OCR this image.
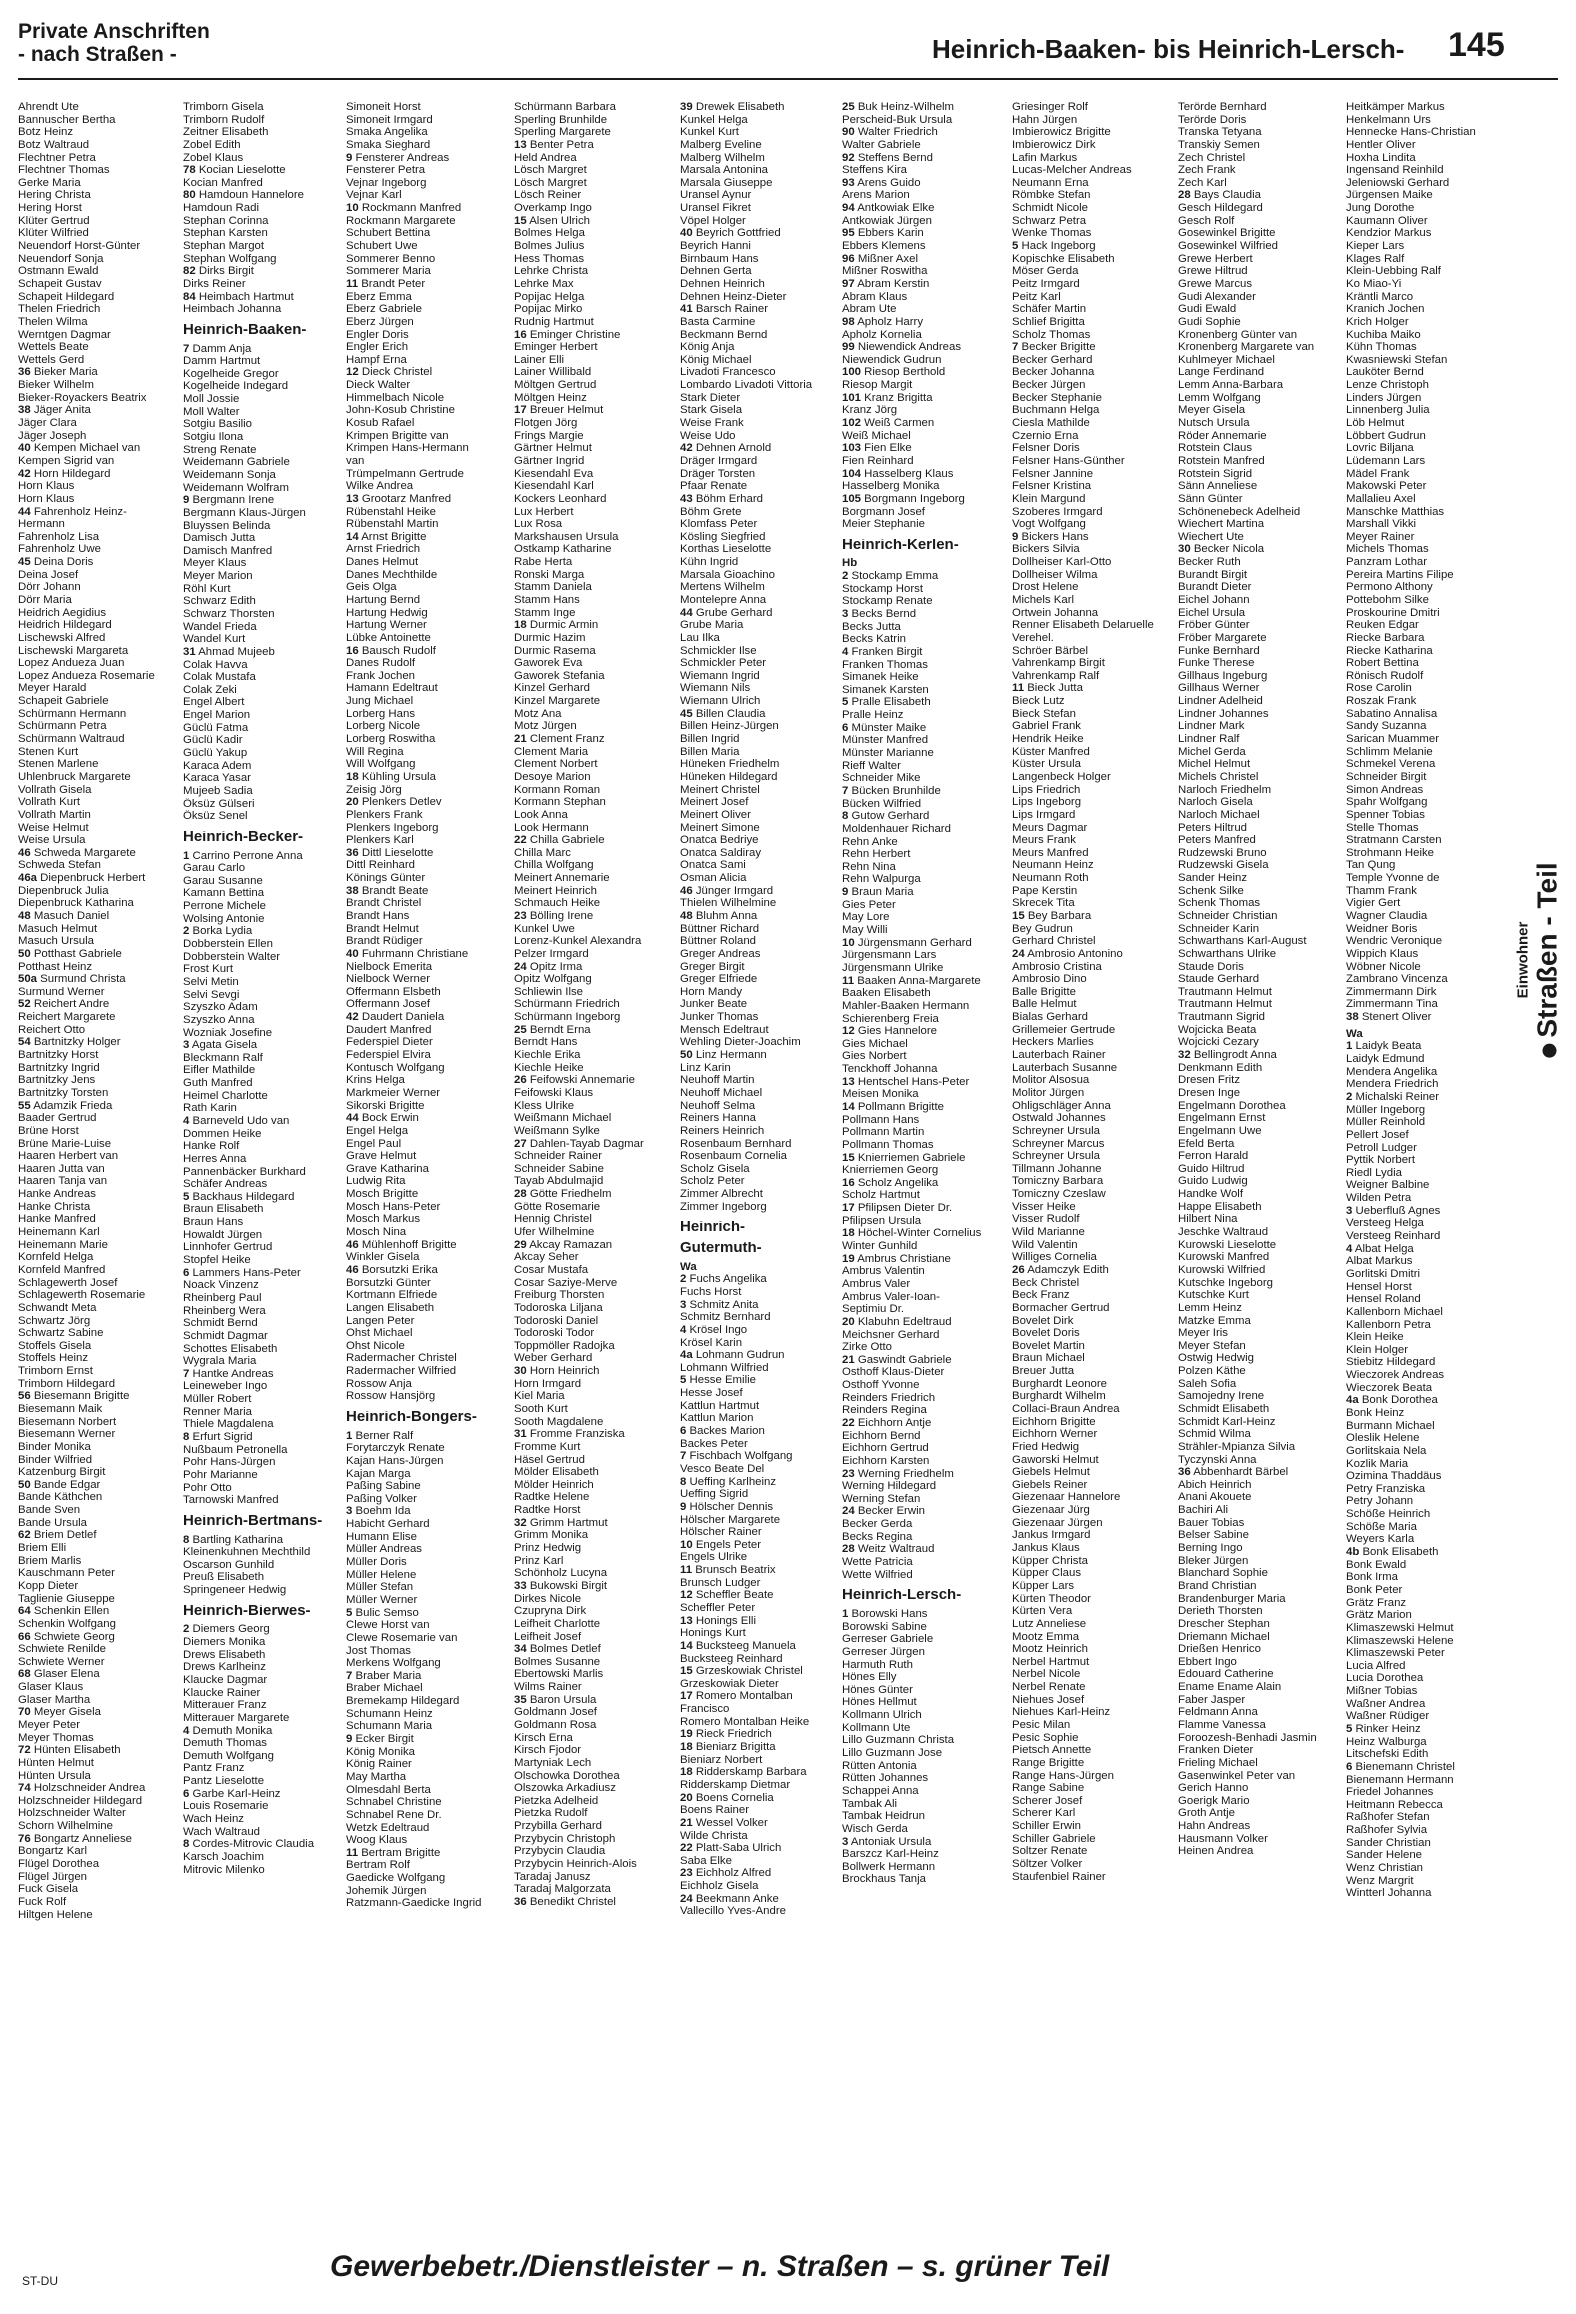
Private Anschriften
- nach Straßen -	Heinrich-Baaken- bis Heinrich-Lersch- 145
Ahrendt Ute
Bannuscher Bertha
Botz Heinz
Botz Waltraud
Flechtner Petra
Flechtner Thomas
Gerke Maria
Hering Christa
Hering Horst
Klüter Gertrud
Klüter Wilfried
Neuendorf Horst-Günter
Neuendorf Sonja
Ostmann Ewald
Schapeit Gustav
Schapeit Hildegard
Thelen Friedrich
Thelen Wilma
Werntgen Dagmar
Wettels Beate
Wettels Gerd
36 Bieker Maria
Bieker Wilhelm
Bieker-Royackers Beatrix
38 Jäger Anita
Jäger Clara
Jäger Joseph
40 Kempen Michael van
Kempen Sigrid van
42 Horn Hildegard
Horn Klaus
Horn Klaus
44 Fahrenholz Heinz-
Hermann
Fahrenholz Lisa
Fahrenholz Uwe
45 Deina Doris
Deina Josef
Dörr Johann
Dörr Maria
Heidrich Aegidius
Heidrich Hildegard
Lischewski Alfred
Lischewski Margareta
Lopez Andueza Juan
Lopez Andueza Rosemarie
Meyer Harald
Schapeit Gabriele
Schürmann Hermann
Schürmann Petra
Schürmann Waltraud
Stenen Kurt
Stenen Marlene
Uhlenbruck Margarete
Vollrath Gisela
Vollrath Kurt
Vollrath Martin
Weise Helmut
Weise Ursula
46 Schweda Margarete
Schweda Stefan
46a Diepenbruck Herbert
Diepenbruck Julia
Diepenbruck Katharina
48 Masuch Daniel
Masuch Helmut
Masuch Ursula
50 Potthast Gabriele
Potthast Heinz
50a Surmund Christa
Surmund Werner
52 Reichert Andre
Reichert Margarete
Reichert Otto
54 Bartnitzky Holger
Bartnitzky Horst
Bartnitzky Ingrid
Bartnitzky Jens
Bartnitzky Torsten
55 Adamzik Frieda
Baader Gertrud
Brüne Horst
Brüne Marie-Luise
Haaren Herbert van
Haaren Jutta van
Haaren Tanja van
Hanke Andreas
Hanke Christa
Hanke Manfred
Heinemann Karl
Heinemann Marie
Kornfeld Helga
Kornfeld Manfred
Schlagewerth Josef
Schlagewerth Rosemarie
Schwandt Meta
Schwartz Jörg
Schwartz Sabine
Stoffels Gisela
Stoffels Heinz
Trimborn Ernst
Trimborn Hildegard
56 Biesemann Brigitte
Biesemann Maik
Biesemann Norbert
Biesemann Werner
Binder Monika
Binder Wilfried
Katzenburg Birgit
50 Bande Edgar
Bande Käthchen
Bande Sven
Bande Ursula
62 Briem Detlef
Briem Elli
Briem Marlis
Kauschmann Peter
Kopp Dieter
Taglienie Giuseppe
64 Schenkin Ellen
Schenkin Wolfgang
66 Schwiete Georg
Schwiete Renilde
Schwiete Werner
68 Glaser Elena
Glaser Klaus
Glaser Martha
70 Meyer Gisela
Meyer Peter
Meyer Thomas
72 Hünten Elisabeth
Hünten Helmut
Hünten Ursula
74 Holzschneider Andrea
Holzschneider Hildegard
Holzschneider Walter
Schorn Wilhelmine
76 Bongartz Anneliese
Bongartz Karl
Flügel Dorothea
Flügel Jürgen
Fuck Gisela
Fuck Rolf
Hiltgen Helene
Trimborn Gisela
Trimborn Rudolf
Zeitner Elisabeth
Zobel Edith
Zobel Klaus
78 Kocian Lieselotte
Kocian Manfred
80 Hamdoun Hannelore
Hamdoun Radi
Stephan Corinna
Stephan Karsten
Stephan Margot
Stephan Wolfgang
82 Dirks Birgit
Dirks Reiner
84 Heimbach Hartmut
Heimbach Johanna
Heinrich-Baaken-
7 Damm Anja
Damm Hartmut
Kogelheide Gregor
Kogelheide Indegard
Moll Jossie
Moll Walter
Sotgiu Basilio
Sotgiu Ilona
Streng Renate
Weidemann Gabriele
Weidemann Sonja
Weidemann Wolfram
9 Bergmann Irene
Bergmann Klaus-Jürgen
Bluyssen Belinda
Damisch Jutta
Damisch Manfred
Meyer Klaus
Meyer Marion
Röhl Kurt
Schwarz Edith
Schwarz Thorsten
Wandel Frieda
Wandel Kurt
31 Ahmad Mujeeb
Colak Havva
Colak Mustafa
Colak Zeki
Engel Albert
Engel Marion
Güclü Fatma
Güclü Kadir
Güclü Yakup
Karaca Adem
Karaca Yasar
Mujeeb Sadia
Öksüz Gülseri
Öksüz Senel
Heinrich-Becker-
1 Carrino Perrone Anna
Garau Carlo
Garau Susanne
Kamann Bettina
Perrone Michele
Wolsing Antonie
2 Borka Lydia
Dobberstein Ellen
Dobberstein Walter
Frost Kurt
Selvi Metin
Selvi Sevgi
Szyszko Adam
Szyszko Anna
Wozniak Josefine
3 Agata Gisela
Bleckmann Ralf
Eifler Mathilde
Guth Manfred
Heimel Charlotte
Rath Karin
4 Barneveld Udo van
Dommen Heike
Hanke Rolf
Herres Anna
Pannenbäcker Burkhard
Schäfer Andreas
5 Backhaus Hildegard
Braun Elisabeth
Braun Hans
Howaldt Jürgen
Linnhofer Gertrud
Stopfel Heike
6 Lammers Hans-Peter
Noack Vinzenz
Rheinberg Paul
Rheinberg Wera
Schmidt Bernd
Schmidt Dagmar
Schottes Elisabeth
Wygrala Maria
7 Hantke Andreas
Leineweber Ingo
Müller Robert
Renner Maria
Thiele Magdalena
8 Erfurt Sigrid
Nußbaum Petronella
Pohr Hans-Jürgen
Pohr Marianne
Pohr Otto
Tarnowski Manfred
Heinrich-Bertmans-
8 Bartling Katharina
Kleinenkuhnen Mechthild
Oscarson Gunhild
Preuß Elisabeth
Springeneer Hedwig
Heinrich-Bierwes-
2 Diemers Georg
Diemers Monika
Drews Elisabeth
Drews Karlheinz
Klaucke Dagmar
Klaucke Rainer
Mitterauer Franz
Mitterauer Margarete
4 Demuth Monika
Demuth Thomas
Demuth Wolfgang
Pantz Franz
Pantz Lieselotte
6 Garbe Karl-Heinz
Louis Rosemarie
Wach Heinz
Wach Waltraud
8 Cordes-Mitrovic Claudia
Karsch Joachim
Mitrovic Milenko
Simoneit Horst
Simoneit Irmgard
Smaka Angelika
Smaka Sieghard
9 Fensterer Andreas
Fensterer Petra
Vejnar Ingeborg
Vejnar Karl
10 Rockmann Manfred
Rockmann Margarete
Schubert Bettina
Schubert Uwe
Sommerer Benno
Sommerer Maria
11 Brandt Peter
Eberz Emma
Eberz Gabriele
Eberz Jürgen
Engler Doris
Engler Erich
Hampf Erna
12 Dieck Christel
Dieck Walter
Himmelbach Nicole
John-Kosub Christine
Kosub Rafael
Krimpen Brigitte van
Krimpen Hans-Hermann
van
Trümpelmann Gertrude
Wilke Andrea
13 Grootarz Manfred
Rübenstahl Heike
Rübenstahl Martin
14 Arnst Brigitte
Arnst Friedrich
Danes Helmut
Danes Mechthilde
Geis Olga
Hartung Bernd
Hartung Hedwig
Hartung Werner
Lübke Antoinette
16 Bausch Rudolf
Danes Rudolf
Frank Jochen
Hamann Edeltraut
Jung Michael
Lorberg Hans
Lorberg Nicole
Lorberg Roswitha
Will Regina
Will Wolfgang
18 Kühling Ursula
Zeisig Jörg
20 Plenkers Detlev
Plenkers Frank
Plenkers Ingeborg
Plenkers Karl
36 Dittl Lieselotte
Dittl Reinhard
Könings Günter
38 Brandt Beate
Brandt Christel
Brandt Hans
Brandt Helmut
Brandt Rüdiger
40 Fuhrmann Christiane
Nielbock Emerita
Nielbock Werner
Offermann Elsbeth
Offermann Josef
42 Daudert Daniela
Daudert Manfred
Federspiel Dieter
Federspiel Elvira
Kontusch Wolfgang
Krins Helga
Markmeier Werner
Sikorski Brigitte
44 Bock Erwin
Engel Helga
Engel Paul
Grave Helmut
Grave Katharina
Ludwig Rita
Mosch Brigitte
Mosch Hans-Peter
Mosch Markus
Mosch Nina
46 Mühlenhoff Brigitte
Winkler Gisela
46 Borsutzki Erika
Borsutzki Günter
Kortmann Elfriede
Langen Elisabeth
Langen Peter
Ohst Michael
Ohst Nicole
Radermacher Christel
Radermacher Wilfried
Rossow Anja
Rossow Hansjörg
Heinrich-Bongers-
1 Berner Ralf
Forytarczyk Renate
Kajan Hans-Jürgen
Kajan Marga
Paßing Sabine
Paßing Volker
3 Boehm Ida
Habicht Gerhard
Humann Elise
Müller Andreas
Müller Doris
Müller Helene
Müller Stefan
Müller Werner
5 Bulic Semso
Clewe Horst van
Clewe Rosemarie van
Jost Thomas
Merkens Wolfgang
7 Braber Maria
Braber Michael
Bremekamp Hildegard
Schumann Heinz
Schumann Maria
9 Ecker Birgit
König Monika
König Rainer
May Martha
Olmesdahl Berta
Schnabel Christine
Schnabel Rene Dr.
Wetzk Edeltraud
Woog Klaus
11 Bertram Brigitte
Bertram Rolf
Gaedicke Wolfgang
Johemik Jürgen
Ratzmann-Gaedicke Ingrid
Schürmann Barbara
Sperling Brunhilde
Sperling Margarete
13 Benter Petra
Held Andrea
Lösch Margret
Lösch Margret
Lösch Reiner
Overkamp Ingo
15 Alsen Ulrich
Bolmes Helga
Bolmes Julius
Hess Thomas
Lehrke Christa
Lehrke Max
Popijac Helga
Popijac Mirko
Rudnig Hartmut
16 Eminger Christine
Eminger Herbert
Lainer Elli
Lainer Willibald
Möltgen Gertrud
Möltgen Heinz
17 Breuer Helmut
Flotgen Jörg
Frings Margie
Gärtner Helmut
Gärtner Ingrid
Kiesendahl Eva
Kiesendahl Karl
Kockers Leonhard
Lux Herbert
Lux Rosa
Markshausen Ursula
Ostkamp Katharine
Rabe Herta
Ronski Marga
Stamm Daniela
Stamm Hans
Stamm Inge
18 Durmic Armin
Durmic Hazim
Durmic Rasema
Gaworek Eva
Gaworek Stefania
Kinzel Gerhard
Kinzel Margarete
Motz Ana
Motz Jürgen
21 Clement Franz
Clement Maria
Clement Norbert
Desoye Marion
Kormann Roman
Kormann Stephan
Look Anna
Look Hermann
22 Chilla Gabriele
Chilla Marc
Chilla Wolfgang
Meinert Annemarie
Meinert Heinrich
Schmauch Heike
23 Bölling Irene
Kunkel Uwe
Lorenz-Kunkel Alexandra
Pelzer Irmgard
24 Opitz Irma
Opitz Wolfgang
Schliewin Ilse
Schürmann Friedrich
Schürmann Ingeborg
25 Berndt Erna
Berndt Hans
Kiechle Erika
Kiechle Heike
26 Feifowski Annemarie
Feifowski Klaus
Kless Ulrike
Weißmann Michael
Weißmann Sylke
27 Dahlen-Tayab Dagmar
Schneider Rainer
Schneider Sabine
Tayab Abdulmajid
28 Götte Friedhelm
Götte Rosemarie
Hennig Christel
Ufer Wilhelmine
29 Akcay Ramazan
Akcay Seher
Cosar Mustafa
Cosar Saziye-Merve
Freiburg Thorsten
Todoroska Liljana
Todoroski Daniel
Todoroski Todor
Toppmöller Radojka
Weber Gerhard
30 Horn Heinrich
Horn Irmgard
Kiel Maria
Sooth Kurt
Sooth Magdalene
31 Fromme Franziska
Fromme Kurt
Häsel Gertrud
Mölder Elisabeth
Mölder Heinrich
Radtke Helene
Radtke Horst
32 Grimm Hartmut
Grimm Monika
Prinz Hedwig
Prinz Karl
Schönholz Lucyna
33 Bukowski Birgit
Dirkes Nicole
Czupryna Dirk
Leifheit Charlotte
Leifheit Josef
34 Bolmes Detlef
Bolmes Susanne
Ebertowski Marlis
Wilms Rainer
35 Baron Ursula
Goldmann Josef
Goldmann Rosa
Kirsch Erna
Kirsch Fjodor
Martyniak Lech
Olschowka Dorothea
Olszowka Arkadiusz
Pietzka Adelheid
Pietzka Rudolf
Przybilla Gerhard
Przybycin Christoph
Przybycin Claudia
Przybycin Heinrich-Alois
Taradaj Janusz
Taradaj Malgorzata
36 Benedikt Christel
39 Drewek Elisabeth
Kunkel Helga
Kunkel Kurt
Malberg Eveline
Malberg Wilhelm
Marsala Antonina
Marsala Giuseppe
Uransel Aynur
Uransel Fikret
Vöpel Holger
40 Beyrich Gottfried
Beyrich Hanni
Birnbaum Hans
Dehnen Gerta
Dehnen Heinrich
Dehnen Heinz-Dieter
41 Barsch Rainer
Basta Carmine
Beckmann Bernd
König Anja
König Michael
Livadoti Francesco
Lombardo Livadoti Vittoria
Stark Dieter
Stark Gisela
Weise Frank
Weise Udo
42 Dehnen Arnold
Dräger Irmgard
Dräger Torsten
Pfaar Renate
43 Böhm Erhard
Böhm Grete
Klomfass Peter
Kösling Siegfried
Korthas Lieselotte
Kühn Ingrid
Marsala Gioachino
Mertens Wilhelm
Montelepre Anna
44 Grube Gerhard
Grube Maria
Lau Ilka
Schmickler Ilse
Schmickler Peter
Wiemann Ingrid
Wiemann Nils
Wiemann Ulrich
45 Billen Claudia
Billen Heinz-Jürgen
Billen Ingrid
Billen Maria
Hüneken Friedhelm
Hüneken Hildegard
Meinert Christel
Meinert Josef
Meinert Oliver
Meinert Simone
Onatca Bedriye
Onatca Saldiray
Onatca Sami
Osman Alicia
46 Jünger Irmgard
Thielen Wilhelmine
48 Bluhm Anna
Büttner Richard
Büttner Roland
Greger Andreas
Greger Birgit
Greger Elfriede
Horn Mandy
Junker Beate
Junker Thomas
Mensch Edeltraut
Wehling Dieter-Joachim
50 Linz Hermann
Linz Karin
Neuhoff Martin
Neuhoff Michael
Neuhoff Selma
Reiners Hanna
Reiners Heinrich
Rosenbaum Bernhard
Rosenbaum Cornelia
Scholz Gisela
Scholz Peter
Zimmer Albrecht
Zimmer Ingeborg
Heinrich-
Gutermuth-
Wa
2 Fuchs Angelika
Fuchs Horst
3 Schmitz Anita
Schmitz Bernhard
4 Krösel Ingo
Krösel Karin
4a Lohmann Gudrun
Lohmann Wilfried
5 Hesse Emilie
Hesse Josef
Kattlun Hartmut
Kattlun Marion
6 Backes Marion
Backes Peter
7 Fischbach Wolfgang
Vesco Beate Del
8 Ueffing Karlheinz
Ueffing Sigrid
9 Hölscher Dennis
Hölscher Margarete
Hölscher Rainer
10 Engels Peter
Engels Ulrike
11 Brunsch Beatrix
Brunsch Ludger
12 Scheffler Beate
Scheffler Peter
13 Honings Elli
Honings Kurt
14 Bucksteeg Manuela
Bucksteeg Reinhard
15 Grzeskowiak Christel
Grzeskowiak Dieter
17 Romero Montalban
Francisco
Romero Montalban Heike
19 Rieck Friedrich
18 Bieniarz Brigitta
Bieniarz Norbert
18 Ridderskamp Barbara
Ridderskamp Dietmar
20 Boens Cornelia
Boens Rainer
21 Wessel Volker
Wilde Christa
22 Platt-Saba Ulrich
Saba Elke
23 Eichholz Alfred
Eichholz Gisela
24 Beekmann Anke
Vallecillo Yves-Andre
25 Buk Heinz-Wilhelm
Perscheid-Buk Ursula
90 Walter Friedrich
Walter Gabriele
92 Steffens Bernd
Steffens Kira
93 Arens Guido
Arens Marion
94 Antkowiak Elke
Antkowiak Jürgen
95 Ebbers Karin
Ebbers Klemens
96 Mißner Axel
Mißner Roswitha
97 Abram Kerstin
Abram Klaus
Abram Ute
98 Apholz Harry
Apholz Kornelia
99 Niewendick Andreas
Niewendick Gudrun
100 Riesop Berthold
Riesop Margit
101 Kranz Brigitta
Kranz Jörg
102 Weiß Carmen
Weiß Michael
103 Fien Elke
Fien Reinhard
104 Hasselberg Klaus
Hasselberg Monika
105 Borgmann Ingeborg
Borgmann Josef
Meier Stephanie
Heinrich-Kerlen-
Hb
2 Stockamp Emma
Stockamp Horst
Stockamp Renate
3 Becks Bernd
Becks Jutta
Becks Katrin
4 Franken Birgit
Franken Thomas
Simanek Heike
Simanek Karsten
5 Pralle Elisabeth
Pralle Heinz
6 Münster Maike
Münster Manfred
Münster Marianne
Rieff Walter
Schneider Mike
7 Bücken Brunhilde
Bücken Wilfried
8 Gutow Gerhard
Moldenhauer Richard
Rehn Anke
Rehn Herbert
Rehn Nina
Rehn Walpurga
9 Braun Maria
Gies Peter
May Lore
May Willi
10 Jürgensmann Gerhard
Jürgensmann Lars
Jürgensmann Ulrike
11 Baaken Anna-Margarete
Baaken Elisabeth
Mahler-Baaken Hermann
Schierenberg Freia
12 Gies Hannelore
Gies Michael
Gies Norbert
Tenckhoff Johanna
13 Hentschel Hans-Peter
Meisen Monika
14 Pollmann Brigitte
Pollmann Hans
Pollmann Martin
Pollmann Thomas
15 Knierriemen Gabriele
Knierriemen Georg
16 Scholz Angelika
Scholz Hartmut
17 Pfilipsen Dieter Dr.
Pfilipsen Ursula
18 Höchel-Winter Cornelius
Winter Gunhild
19 Ambrus Christiane
Ambrus Valentin
Ambrus Valer
Ambrus Valer-Ioan-
Septimiu Dr.
20 Klabuhn Edeltraud
Meichsner Gerhard
Zirke Otto
21 Gaswindt Gabriele
Osthoff Klaus-Dieter
Osthoff Yvonne
Reinders Friedrich
Reinders Regina
22 Eichhorn Antje
Eichhorn Bernd
Eichhorn Gertrud
Eichhorn Karsten
23 Werning Friedhelm
Werning Hildegard
Werning Stefan
24 Becker Erwin
Becker Gerda
Becks Regina
28 Weitz Waltraud
Wette Patricia
Wette Wilfried
Heinrich-Lersch-
1 Borowski Hans
Borowski Sabine
Gerreser Gabriele
Gerreser Jürgen
Harmuth Ruth
Hönes Elly
Hönes Günter
Hönes Hellmut
Kollmann Ulrich
Kollmann Ute
Lillo Guzmann Christa
Lillo Guzmann Jose
Rütten Antonia
Rütten Johannes
Schappei Anna
Tambak Ali
Tambak Heidrun
Wisch Gerda
3 Antoniak Ursula
Barszcz Karl-Heinz
Bollwerk Hermann
Brockhaus Tanja
Griesinger Rolf
Hahn Jürgen
Imbierowicz Brigitte
Imbierowicz Dirk
Lafin Markus
Lucas-Melcher Andreas
Neumann Erna
Römbke Stefan
Schmidt Nicole
Schwarz Petra
Wenke Thomas
5 Hack Ingeborg
Kopischke Elisabeth
Möser Gerda
Peitz Irmgard
Peitz Karl
Schäfer Martin
Schlief Brigitta
Scholz Thomas
7 Becker Brigitte
Becker Gerhard
Becker Johanna
Becker Jürgen
Becker Stephanie
Buchmann Helga
Ciesla Mathilde
Czernio Erna
Felsner Doris
Felsner Hans-Günther
Felsner Jannine
Felsner Kristina
Klein Margund
Szoberes Irmgard
Vogt Wolfgang
9 Bickers Hans
Bickers Silvia
Dollheiser Karl-Otto
Dollheiser Wilma
Drost Helene
Michels Karl
Ortwein Johanna
Renner Elisabeth Delaruelle
Verehel.
Schröer Bärbel
Vahrenkamp Birgit
Vahrenkamp Ralf
11 Bieck Jutta
Bieck Lutz
Bieck Stefan
Gabriel Frank
Hendrik Heike
Küster Manfred
Küster Ursula
Langenbeck Holger
Lips Friedrich
Lips Ingeborg
Lips Irmgard
Meurs Dagmar
Meurs Frank
Meurs Manfred
Neumann Heinz
Neumann Roth
Pape Kerstin
Skrecek Tita
15 Bey Barbara
Bey Gudrun
Gerhard Christel
24 Ambrosio Antonino
Ambrosio Cristina
Ambrosio Dino
Balle Brigitte
Balle Helmut
Bialas Gerhard
Grillemeier Gertrude
Heckers Marlies
Lauterbach Rainer
Lauterbach Susanne
Molitor Alsosua
Molitor Jürgen
Ohligschläger Anna
Ostwald Johannes
Schreyner Ursula
Schreyner Marcus
Schreyner Ursula
Tillmann Johanne
Tomiczny Barbara
Tomiczny Czeslaw
Visser Heike
Visser Rudolf
Wild Marianne
Wild Valentin
Williges Cornelia
26 Adamczyk Edith
Beck Christel
Beck Franz
Bormacher Gertrud
Bovelet Dirk
Bovelet Doris
Bovelet Martin
Braun Michael
Breuer Jutta
Burghardt Leonore
Burghardt Wilhelm
Collaci-Braun Andrea
Eichhorn Brigitte
Eichhorn Werner
Fried Hedwig
Gaworski Helmut
Giebels Helmut
Giebels Reiner
Giezenaar Hannelore
Giezenaar Jürg
Giezenaar Jürgen
Jankus Irmgard
Jankus Klaus
Küpper Christa
Küpper Claus
Küpper Lars
Kürten Theodor
Kürten Vera
Lutz Anneliese
Mootz Emma
Mootz Heinrich
Nerbel Hartmut
Nerbel Nicole
Nerbel Renate
Niehues Josef
Niehues Karl-Heinz
Pesic Milan
Pesic Sophie
Pietsch Annette
Range Brigitte
Range Hans-Jürgen
Range Sabine
Scherer Josef
Scherer Karl
Schiller Erwin
Schiller Gabriele
Soltzer Renate
Söltzer Volker
Staufenbiel Rainer
Terörde Bernhard
Terörde Doris
Transka Tetyana
Transkiy Semen
Zech Christel
Zech Frank
Zech Karl
28 Bays Claudia
Gesch Hildegard
Gesch Rolf
Gosewinkel Brigitte
Gosewinkel Wilfried
Grewe Herbert
Grewe Hiltrud
Grewe Marcus
Gudi Alexander
Gudi Ewald
Gudi Sophie
Kronenberg Günter van
Kronenberg Margarete van
Kuhlmeyer Michael
Lange Ferdinand
Lemm Anna-Barbara
Lemm Wolfgang
Meyer Gisela
Nutsch Ursula
Röder Annemarie
Rotstein Claus
Rotstein Manfred
Rotstein Sigrid
Sänn Anneliese
Sänn Günter
Schönenebeck Adelheid
Wiechert Martina
Wiechert Ute
30 Becker Nicola
Becker Ruth
Burandt Birgit
Burandt Dieter
Eichel Johann
Eichel Ursula
Fröber Günter
Fröber Margarete
Funke Bernhard
Funke Therese
Gillhaus Ingeburg
Gillhaus Werner
Lindner Adelheid
Lindner Johannes
Lindner Mark
Lindner Ralf
Michel Gerda
Michel Helmut
Michels Christel
Narloch Friedhelm
Narloch Gisela
Narloch Michael
Peters Hiltrud
Peters Manfred
Rudzewski Bruno
Rudzewski Gisela
Sander Heinz
Schenk Silke
Schenk Thomas
Schneider Christian
Schneider Karin
Schwarthans Karl-August
Schwarthans Ulrike
Staude Doris
Staude Gerhard
Trautmann Helmut
Trautmann Helmut
Trautmann Sigrid
Wojcicka Beata
Wojcicki Cezary
32 Bellingrodt Anna
Denkmann Edith
Dresen Fritz
Dresen Inge
Engelmann Dorothea
Engelmann Ernst
Engelmann Uwe
Efeld Berta
Ferron Harald
Guido Hiltrud
Guido Ludwig
Handke Wolf
Happe Elisabeth
Hilbert Nina
Jeschke Waltraud
Kurowski Lieselotte
Kurowski Manfred
Kurowski Wilfried
Kutschke Ingeborg
Kutschke Kurt
Lemm Heinz
Matzke Emma
Meyer Iris
Meyer Stefan
Ostwig Hedwig
Polzen Käthe
Saleh Sofia
Samojedny Irene
Schmidt Elisabeth
Schmidt Karl-Heinz
Schmid Wilma
Strähler-Mpianza Silvia
Tyczynski Anna
36 Abbenhardt Bärbel
Abich Heinrich
Anani Akouete
Bachiri Ali
Bauer Tobias
Belser Sabine
Berning Ingo
Bleker Jürgen
Blanchard Sophie
Brand Christian
Brandenburger Maria
Derieth Thorsten
Drescher Stephan
Driemann Michael
Drießen Henrico
Ebbert Ingo
Edouard Catherine
Ename Ename Alain
Faber Jasper
Feldmann Anna
Flamme Vanessa
Foroozesh-Benhadi Jasmin
Franken Dieter
Frieling Michael
Gasenwinkel Peter van
Gerich Hanno
Goerigk Mario
Groth Antje
Hahn Andreas
Hausmann Volker
Heinen Andrea
Heitkämper Markus
Henkelmann Urs
Hennecke Hans-Christian
Hentler Oliver
Hoxha Lindita
Ingensand Reinhild
Jeleniowski Gerhard
Jürgensen Maike
Jung Dorothe
Kaumann Oliver
Kendzior Markus
Kieper Lars
Klages Ralf
Klein-Uebbing Ralf
Ko Miao-Yi
Kräntli Marco
Kranich Jochen
Krich Holger
Kuchiba Maiko
Kühn Thomas
Kwasniewski Stefan
Lauköter Bernd
Lenze Christoph
Linders Jürgen
Linnenberg Julia
Löb Helmut
Löbbert Gudrun
Lovric Biljana
Lüdemann Lars
Mädel Frank
Makowski Peter
Mallalieu Axel
Manschke Matthias
Marshall Vikki
Meyer Rainer
Michels Thomas
Panzram Lothar
Pereira Martins Filipe
Permono Althony
Pottebohm Silke
Proskourine Dmitri
Reuken Edgar
Riecke Barbara
Riecke Katharina
Robert Bettina
Rönisch Rudolf
Rose Carolin
Roszak Frank
Sabatino Annalisa
Sandy Suzanna
Sarican Muammer
Schlimm Melanie
Schmekel Verena
Schneider Birgit
Simon Andreas
Spahr Wolfgang
Spenner Tobias
Stelle Thomas
Stratmann Carsten
Strohmann Heike
Tan Qung
Temple Yvonne de
Thamm Frank
Vigier Gert
Wagner Claudia
Weidner Boris
Wendric Veronique
Wippich Klaus
Wöbner Nicole
Zambrano Vincenza
Zimmermann Dirk
Zimmermann Tina
38 Stenert Oliver
Wa
1 Laidyk Beata
Laidyk Edmund
Mendera Angelika
Mendera Friedrich
2 Michalski Reiner
Müller Ingeborg
Müller Reinhold
Pellert Josef
Petroll Ludger
Pyttik Norbert
Riedl Lydia
Weigner Balbine
Wilden Petra
3 Ueberfluß Agnes
Versteeg Helga
Versteeg Reinhard
4 Albat Helga
Albat Markus
Gorlitski Dmitri
Hensel Horst
Hensel Roland
Kallenborn Michael
Kallenborn Petra
Klein Heike
Klein Holger
Stiebitz Hildegard
Wieczorek Andreas
Wieczorek Beata
4a Bonk Dorothea
Bonk Heinz
Burmann Michael
Oleslik Helene
Gorlitskaia Nela
Kozlik Maria
Ozimina Thaddäus
Petry Franziska
Petry Johann
Schöße Heinrich
Schöße Maria
Weyers Karla
4b Bonk Elisabeth
Bonk Ewald
Bonk Irma
Bonk Peter
Grätz Franz
Grätz Marion
Klimaszewski Helmut
Klimaszewski Helene
Klimaszewski Peter
Lucia Alfred
Lucia Dorothea
Mißner Tobias
Waßner Andrea
Waßner Rüdiger
5 Rinker Heinz
Heinz Walburga
Litschefski Edith
6 Bienemann Christel
Bienemann Hermann
Friedel Johannes
Heitmann Rebecca
Raßhofer Stefan
Raßhofer Sylvia
Sander Christian
Sander Helene
Wenz Christian
Wenz Margrit
Wintterl Johanna
Einwohner Straßen - Teil
ST-DU	Gewerbebetr./Dienstleister – n. Straßen – s. grüner Teil
